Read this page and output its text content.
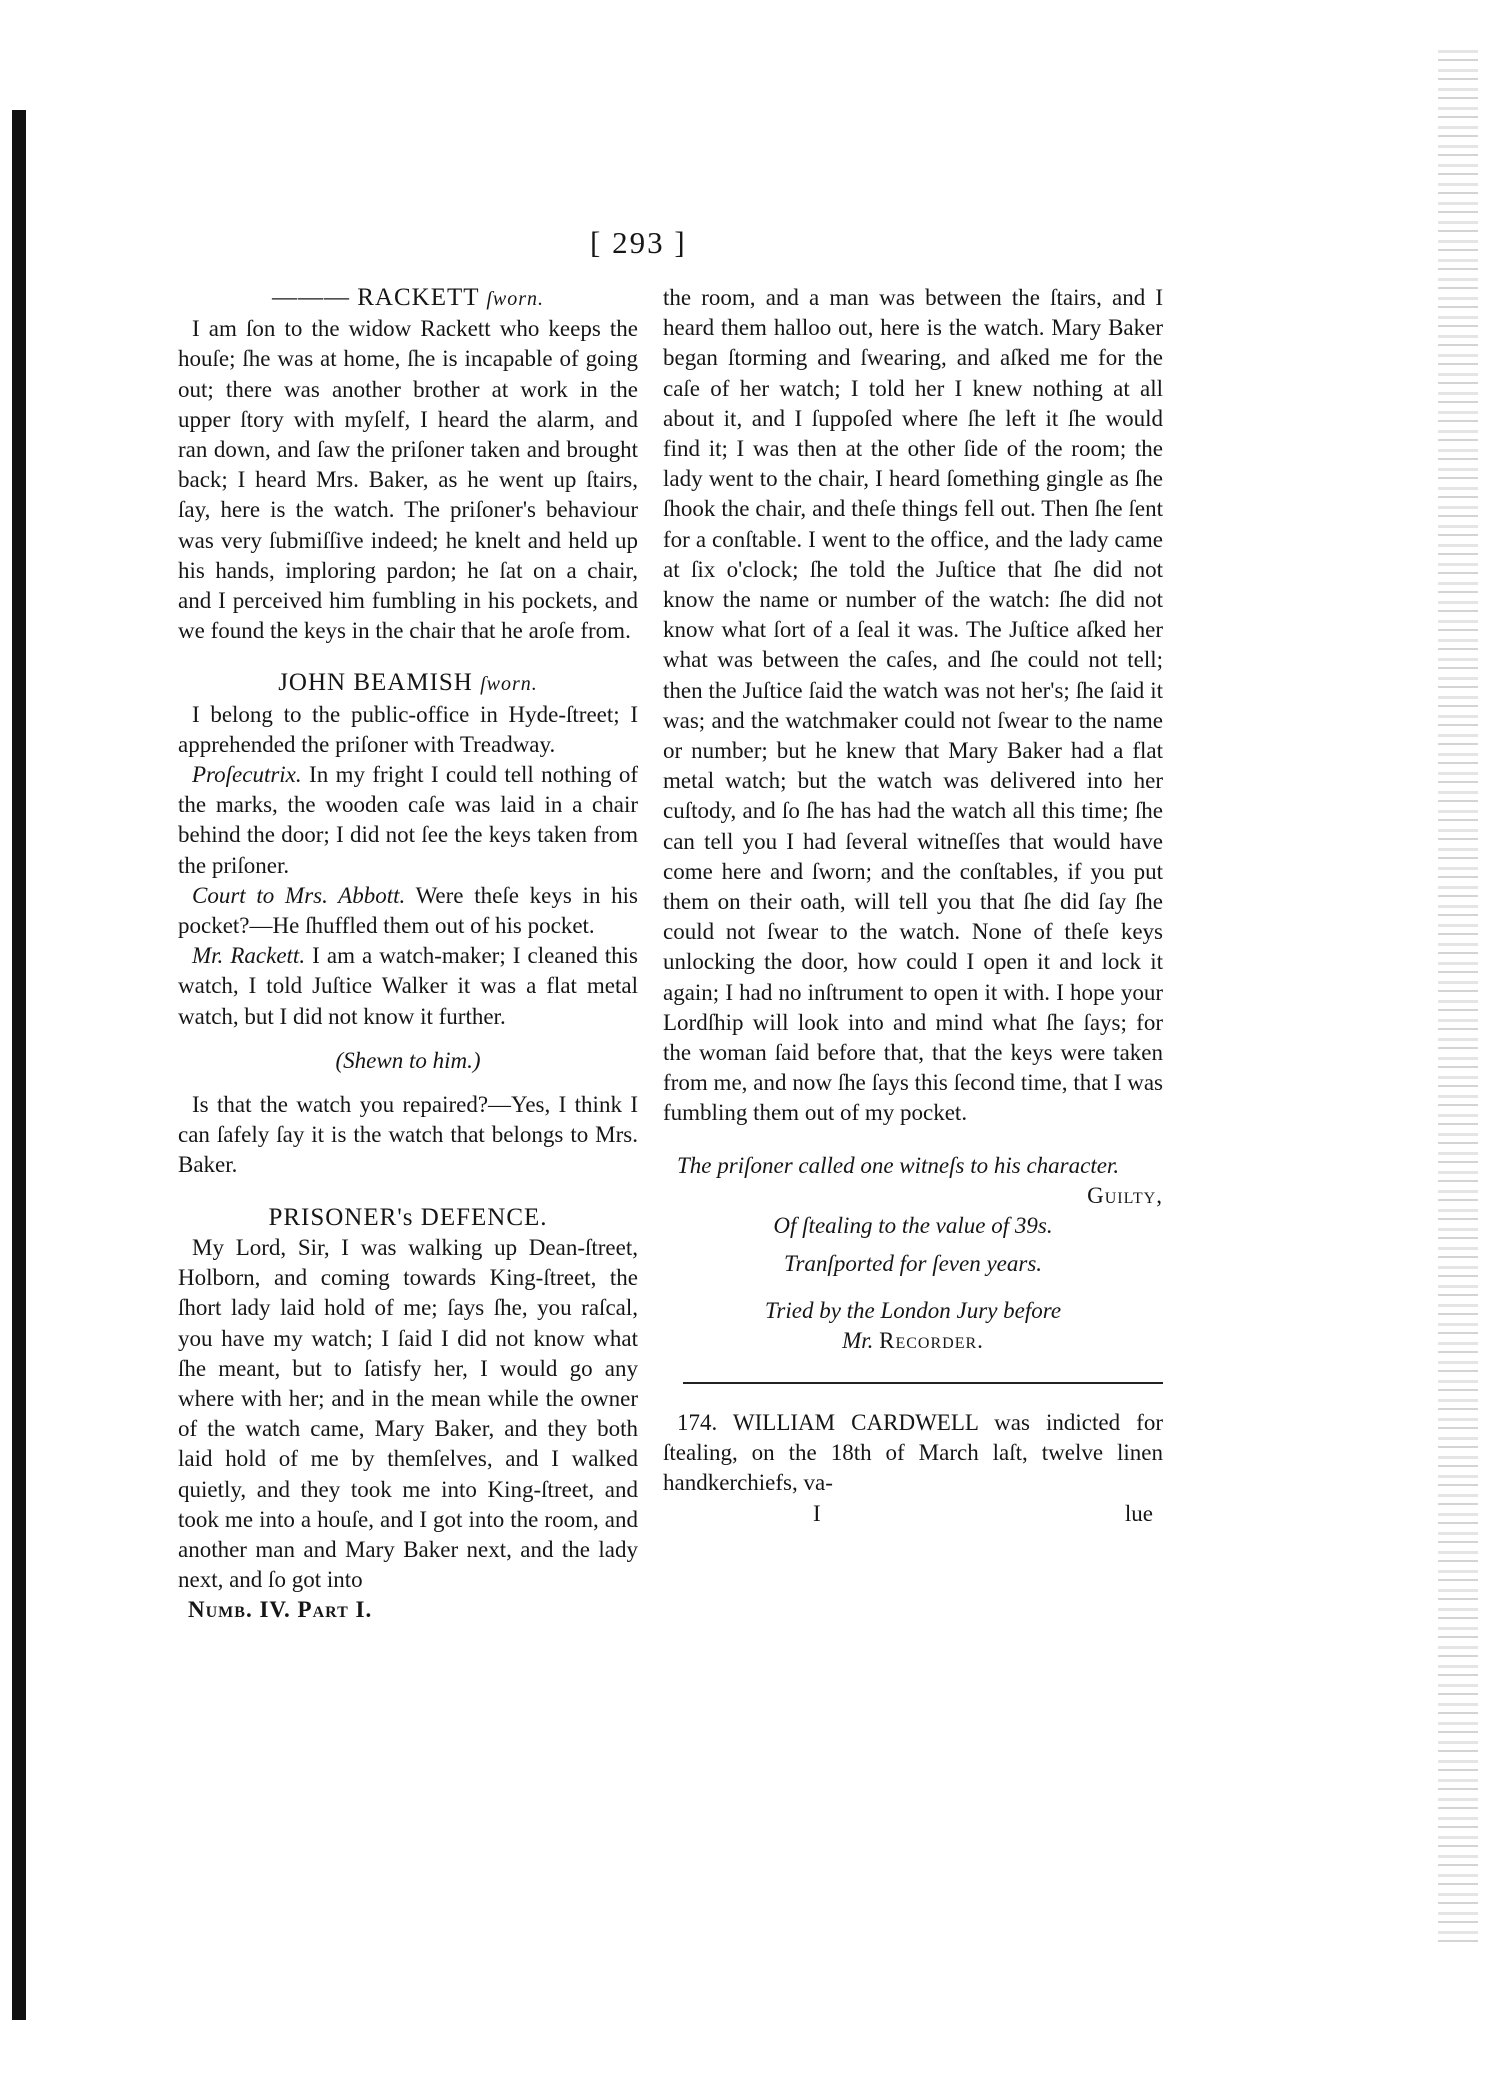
[ 293 ]

——— RACKETT ſworn.

I am ſon to the widow Rackett who keeps the houſe; ſhe was at home, ſhe is incapable of going out; there was another brother at work in the upper ſtory with myſelf, I heard the alarm, and ran down, and ſaw the priſoner taken and brought back; I heard Mrs. Baker, as he went up ſtairs, ſay, here is the watch. The priſoner's behaviour was very ſubmiſſive indeed; he knelt and held up his hands, imploring pardon; he ſat on a chair, and I perceived him fumbling in his pockets, and we found the keys in the chair that he aroſe from.

JOHN BEAMISH ſworn.

I belong to the public-office in Hyde-ſtreet; I apprehended the priſoner with Treadway.

Proſecutrix. In my fright I could tell nothing of the marks, the wooden caſe was laid in a chair behind the door; I did not ſee the keys taken from the priſoner.

Court to Mrs. Abbott. Were theſe keys in his pocket?—He ſhuffled them out of his pocket.

Mr. Rackett. I am a watch-maker; I cleaned this watch, I told Juſtice Walker it was a flat metal watch, but I did not know it further.

(Shewn to him.)

Is that the watch you repaired?—Yes, I think I can ſafely ſay it is the watch that belongs to Mrs. Baker.

PRISONER's DEFENCE.

My Lord, Sir, I was walking up Dean-ſtreet, Holborn, and coming towards King-ſtreet, the ſhort lady laid hold of me; ſays ſhe, you raſcal, you have my watch; I ſaid I did not know what ſhe meant, but to ſatisfy her, I would go any where with her; and in the mean while the owner of the watch came, Mary Baker, and they both laid hold of me by themſelves, and I walked quietly, and they took me into King-ſtreet, and took me into a houſe, and I got into the room, and another man and Mary Baker next, and the lady next, and ſo got into

Numb. IV. Part I.

the room, and a man was between the ſtairs, and I heard them halloo out, here is the watch. Mary Baker began ſtorming and ſwearing, and aſked me for the caſe of her watch; I told her I knew nothing at all about it, and I ſuppoſed where ſhe left it ſhe would find it; I was then at the other ſide of the room; the lady went to the chair, I heard ſomething gingle as ſhe ſhook the chair, and theſe things fell out. Then ſhe ſent for a conſtable. I went to the office, and the lady came at ſix o'clock; ſhe told the Juſtice that ſhe did not know the name or number of the watch: ſhe did not know what ſort of a ſeal it was. The Juſtice aſked her what was between the caſes, and ſhe could not tell; then the Juſtice ſaid the watch was not her's; ſhe ſaid it was; and the watchmaker could not ſwear to the name or number; but he knew that Mary Baker had a flat metal watch; but the watch was delivered into her cuſtody, and ſo ſhe has had the watch all this time; ſhe can tell you I had ſeveral witneſſes that would have come here and ſworn; and the conſtables, if you put them on their oath, will tell you that ſhe did ſay ſhe could not ſwear to the watch. None of theſe keys unlocking the door, how could I open it and lock it again; I had no inſtrument to open it with. I hope your Lordſhip will look into and mind what ſhe ſays; for the woman ſaid before that, that the keys were taken from me, and now ſhe ſays this ſecond time, that I was fumbling them out of my pocket.

The priſoner called one witneſs to his character.

Guilty,

Of ſtealing to the value of 39s.

Tranſported for ſeven years.

Tried by the London Jury before

Mr. Recorder.

174. WILLIAM CARDWELL was indicted for ſtealing, on the 18th of March laſt, twelve linen handkerchiefs, va-

I	lue
